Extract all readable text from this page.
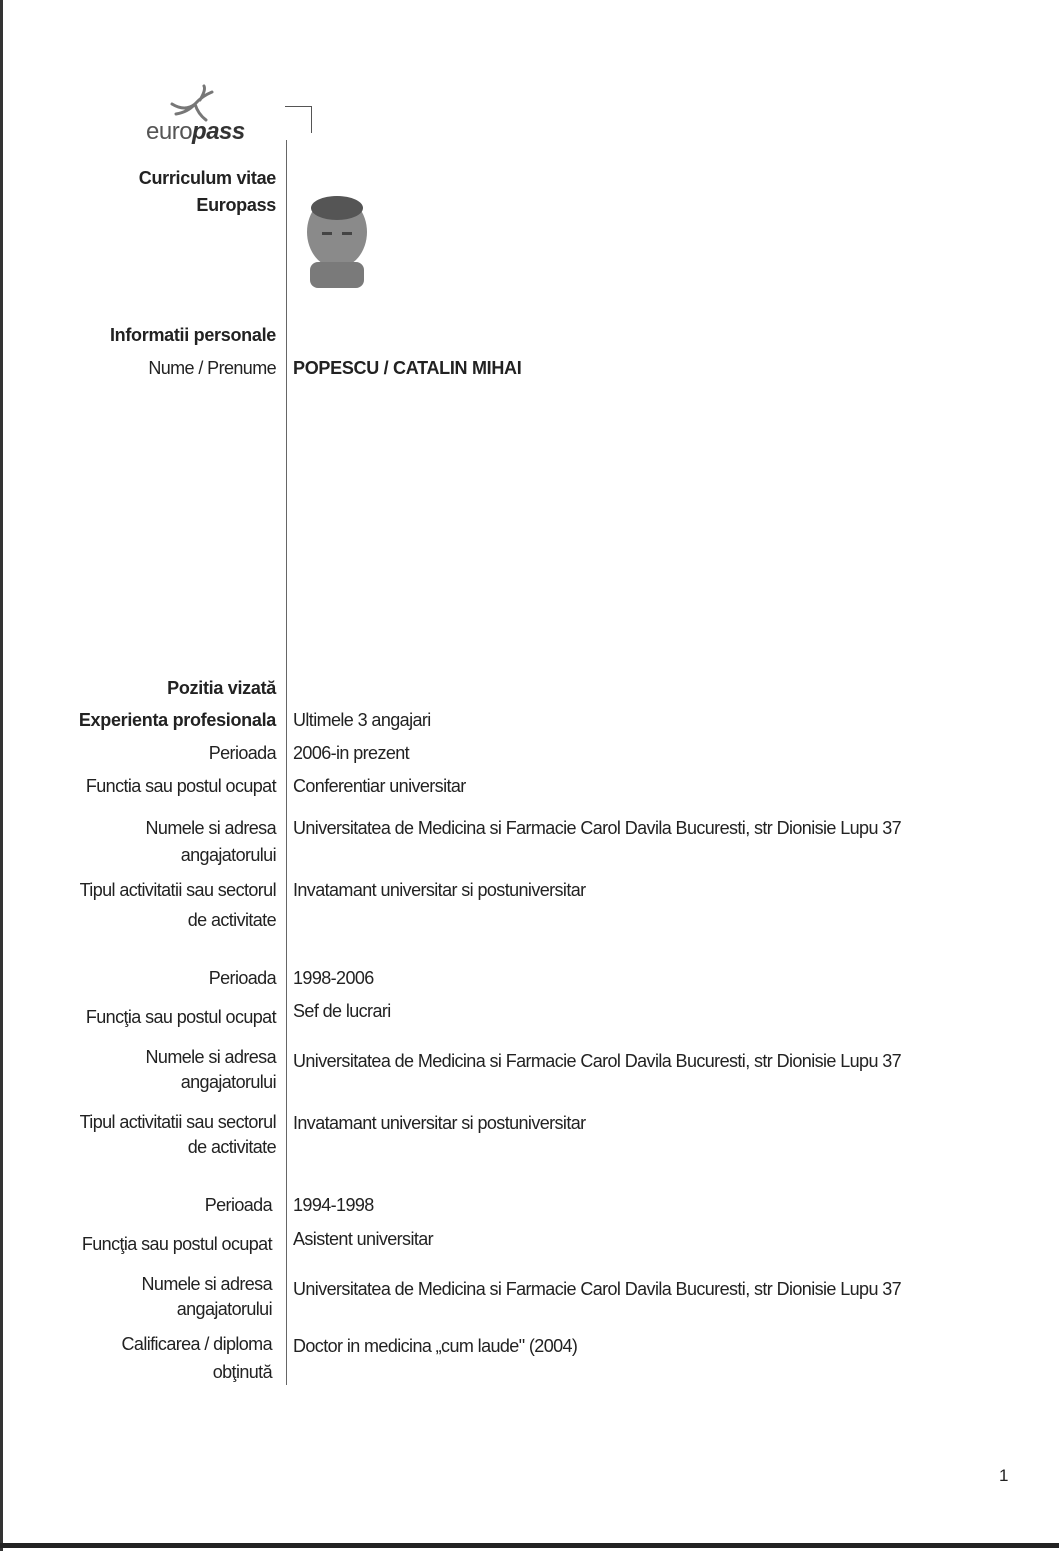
europass
Curriculum vitae
Europass
Informatii personale
Nume / Prenume POPESCU / CATALIN MIHAI
Pozitia vizată
Experienta profesionala Ultimele 3 angajari
Perioada 2006-in prezent
Functia sau postul ocupat Conferentiar universitar
Numele si adresa
angajatorului
Universitatea de Medicina si Farmacie Carol Davila Bucuresti, str Dionisie Lupu 37
Tipul activitatii sau sectorul
de activitate
Invatamant universitar si postuniversitar
Perioada 1998-2006
Funcţia sau postul ocupat Sef de lucrari
Numele si adresa
angajatorului
Universitatea de Medicina si Farmacie Carol Davila Bucuresti, str Dionisie Lupu 37
Tipul activitatii sau sectorul
de activitate
Invatamant universitar si postuniversitar
Perioada 1994-1998
Funcţia sau postul ocupat Asistent universitar
Numele si adresa
angajatorului
Universitatea de Medicina si Farmacie Carol Davila Bucuresti, str Dionisie Lupu 37
Calificarea / diploma
obţinută
Doctor in medicina „cum laude" (2004)
1
